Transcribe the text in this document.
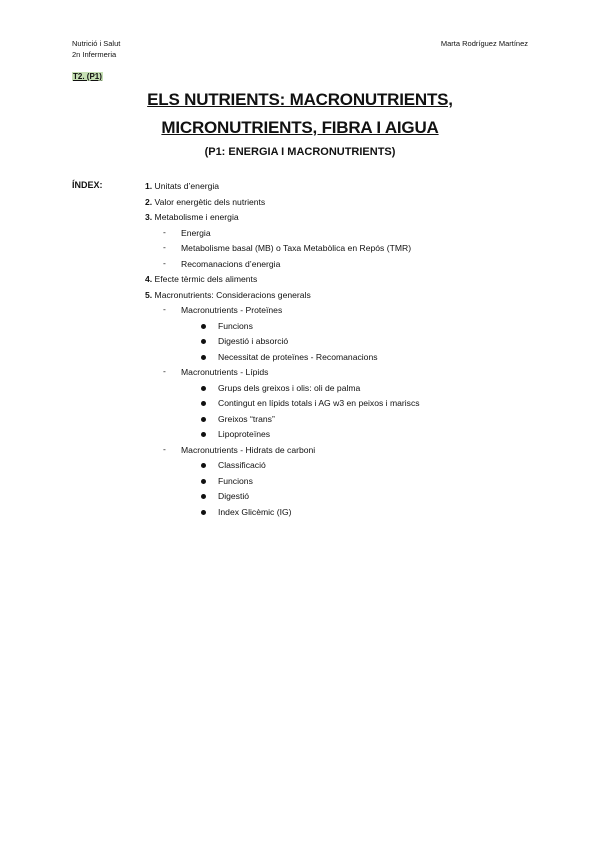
Nutrició i Salut
2n Infermeria
Marta Rodríguez Martínez
T2. (P1)
ELS NUTRIENTS: MACRONUTRIENTS,
MICRONUTRIENTS, FIBRA I AIGUA
(P1: ENERGIA I MACRONUTRIENTS)
ÍNDEX:	1. Unitats d’energia
2. Valor energètic dels nutrients
3. Metabolisme i energia
- Energia
- Metabolisme basal (MB) o Taxa Metabòlica en Repós (TMR)
- Recomanacions d’energia
4. Efecte tèrmic dels aliments
5. Macronutrients: Consideracions generals
- Macronutrients - Proteïnes
Funcions
Digestió i absorció
Necessitat de proteïnes - Recomanacions
- Macronutrients - Lípids
Grups dels greixos i olis: oli de palma
Contingut en lípids totals i AG w3 en peixos i mariscs
Greixos “trans”
Lipoproteïnes
- Macronutrients - Hidrats de carboni
Classificació
Funcions
Digestió
Index Glicèmic (IG)
